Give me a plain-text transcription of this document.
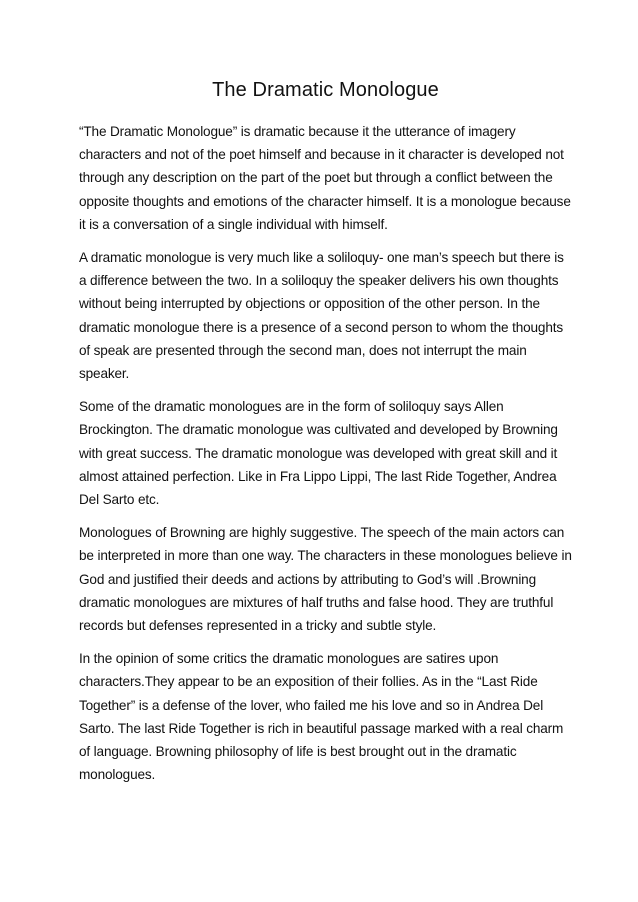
The Dramatic Monologue

“The Dramatic Monologue” is dramatic because it the utterance of imagery characters and not of the poet himself and because in it character is developed not through any description on the part of the poet but through a conflict between the opposite thoughts and emotions of the character himself. It is a monologue because it is a conversation of a single individual with himself.

A dramatic monologue is very much like a soliloquy- one man’s speech but there is a difference between the two. In a soliloquy the speaker delivers his own thoughts without being interrupted by objections or opposition of the other person. In the dramatic monologue there is a presence of a second person to whom the thoughts of speak are presented through the second man, does not interrupt the main speaker.

Some of the dramatic monologues are in the form of soliloquy says Allen Brockington. The dramatic monologue was cultivated and developed by Browning with great success. The dramatic monologue was developed with great skill and it almost attained perfection. Like in Fra Lippo Lippi, The last Ride Together, Andrea Del Sarto etc.

Monologues of Browning are highly suggestive. The speech of the main actors can be interpreted in more than one way. The characters in these monologues believe in God and justified their deeds and actions by attributing to God’s will .Browning dramatic monologues are mixtures of half truths and false hood. They are truthful records but defenses represented in a tricky and subtle style.

In the opinion of some critics the dramatic monologues are satires upon characters.They appear to be an exposition of their follies. As in the “Last Ride Together” is a defense of the lover, who failed me his love and so in Andrea Del Sarto. The last Ride Together is rich in beautiful passage marked with a real charm of language. Browning philosophy of life is best brought out in the dramatic monologues.
